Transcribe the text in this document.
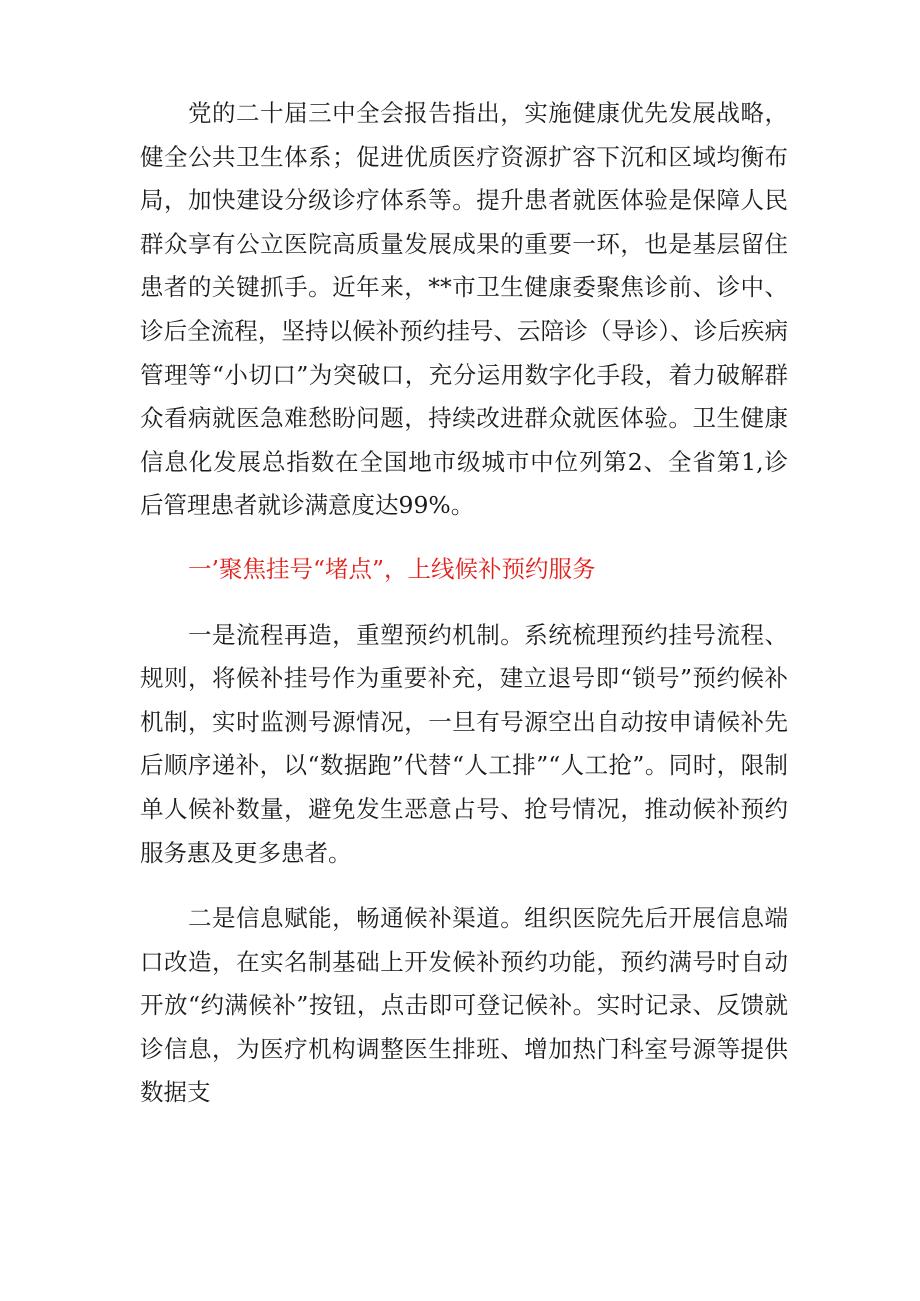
党的二十届三中全会报告指出，实施健康优先发展战略，健全公共卫生体系；促进优质医疗资源扩容下沉和区域均衡布局，加快建设分级诊疗体系等。提升患者就医体验是保障人民群众享有公立医院高质量发展成果的重要一环，也是基层留住患者的关键抓手。近年来，**市卫生健康委聚焦诊前、诊中、诊后全流程，坚持以候补预约挂号、云陪诊（导诊）、诊后疾病管理等“小切口”为突破口，充分运用数字化手段，着力破解群众看病就医急难愁盼问题，持续改进群众就医体验。卫生健康信息化发展总指数在全国地市级城市中位列第2、全省第1,诊后管理患者就诊满意度达99%。

一’聚焦挂号“堵点”，上线候补预约服务

一是流程再造，重塑预约机制。系统梳理预约挂号流程、规则，将候补挂号作为重要补充，建立退号即“锁号”预约候补机制，实时监测号源情况，一旦有号源空出自动按申请候补先后顺序递补，以“数据跑”代替“人工排”“人工抢”。同时，限制单人候补数量，避免发生恶意占号、抢号情况，推动候补预约服务惠及更多患者。

二是信息赋能，畅通候补渠道。组织医院先后开展信息端口改造，在实名制基础上开发候补预约功能，预约满号时自动开放“约满候补”按钮，点击即可登记候补。实时记录、反馈就诊信息，为医疗机构调整医生排班、增加热门科室号源等提供数据支
